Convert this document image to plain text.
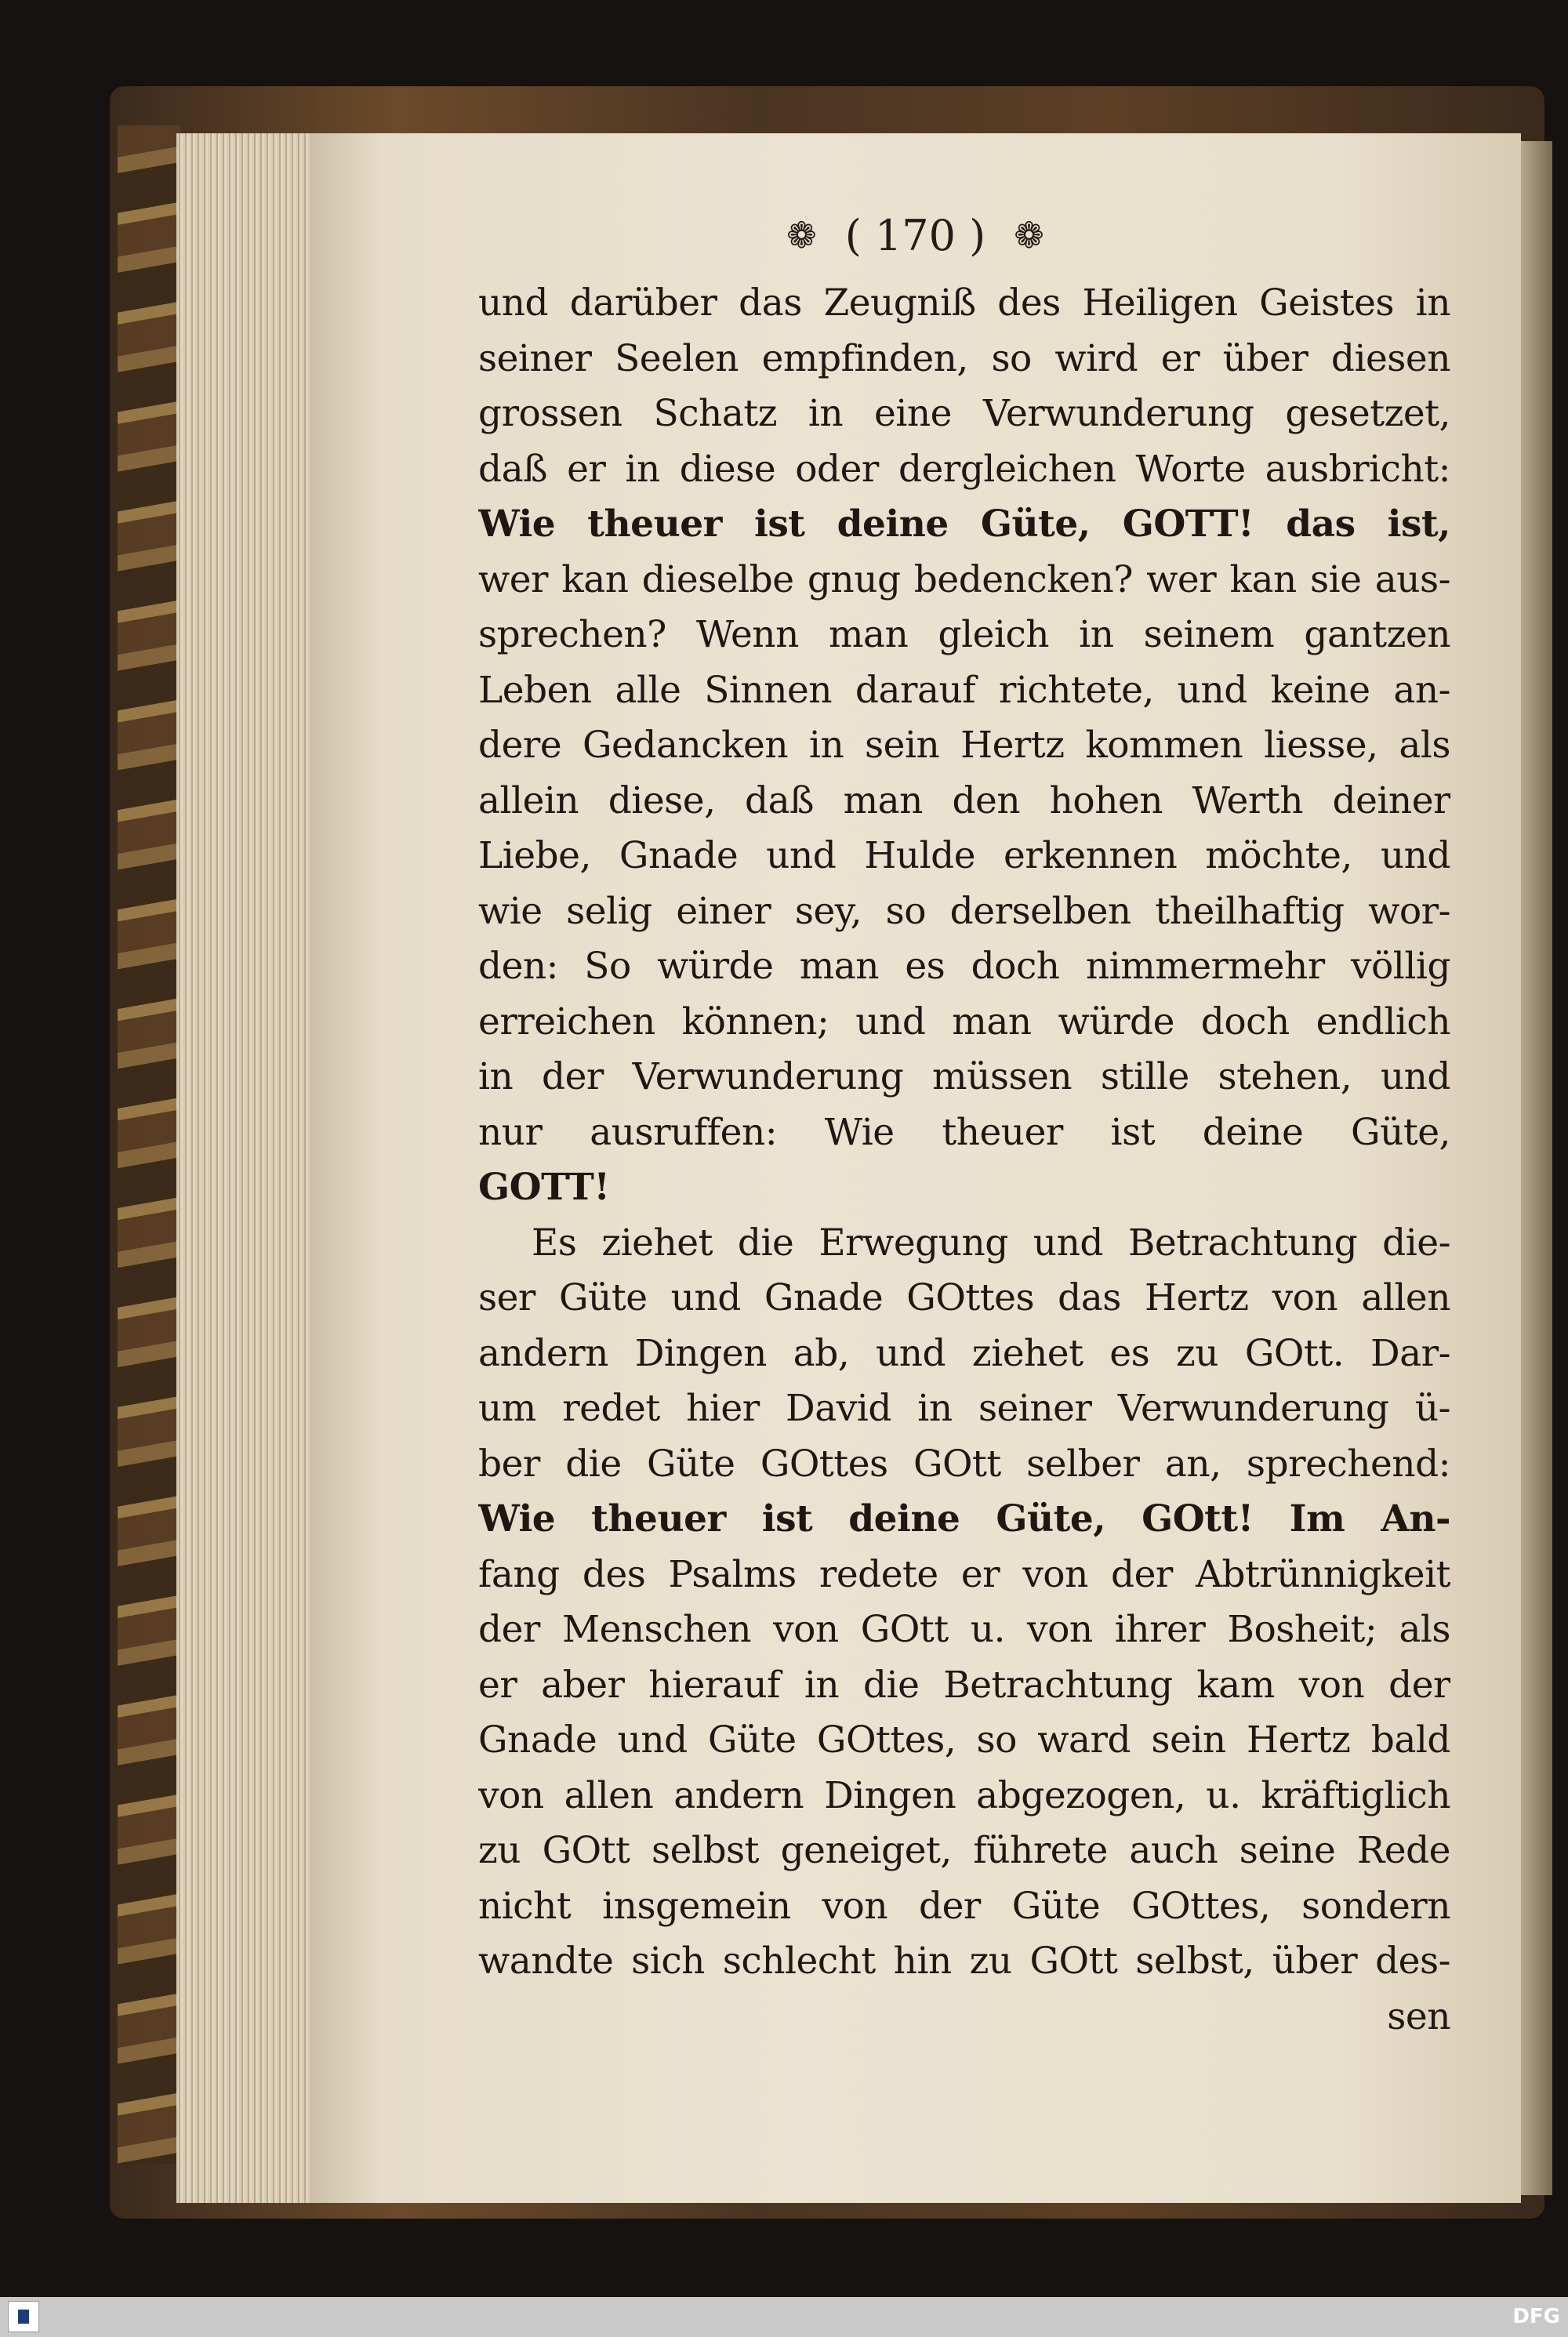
❁ ( 170 ) ❁
und darüber das Zeugniß des Heiligen Geistes in
seiner Seelen empfinden, so wird er über diesen
grossen Schatz in eine Verwunderung gesetzet,
daß er in diese oder dergleichen Worte ausbricht:
Wie theuer ist deine Güte, GOTT! das ist,
wer kan dieselbe gnug bedencken? wer kan sie aus-
sprechen? Wenn man gleich in seinem gantzen
Leben alle Sinnen darauf richtete, und keine an-
dere Gedancken in sein Hertz kommen liesse, als
allein diese, daß man den hohen Werth deiner
Liebe, Gnade und Hulde erkennen möchte, und
wie selig einer sey, so derselben theilhaftig wor-
den: So würde man es doch nimmermehr völlig
erreichen können; und man würde doch endlich
in der Verwunderung müssen stille stehen, und
nur ausruffen: Wie theuer ist deine Güte,
GOTT!
Es ziehet die Erwegung und Betrachtung die-
ser Güte und Gnade GOttes das Hertz von allen
andern Dingen ab, und ziehet es zu GOtt. Dar-
um redet hier David in seiner Verwunderung ü-
ber die Güte GOttes GOtt selber an, sprechend:
Wie theuer ist deine Güte, GOtt! Im An-
fang des Psalms redete er von der Abtrünnigkeit
der Menschen von GOtt u. von ihrer Bosheit; als
er aber hierauf in die Betrachtung kam von der
Gnade und Güte GOttes, so ward sein Hertz bald
von allen andern Dingen abgezogen, u. kräftiglich
zu GOtt selbst geneiget, führete auch seine Rede
nicht insgemein von der Güte GOttes, sondern
wandte sich schlecht hin zu GOtt selbst, über des-
sen
DFG
